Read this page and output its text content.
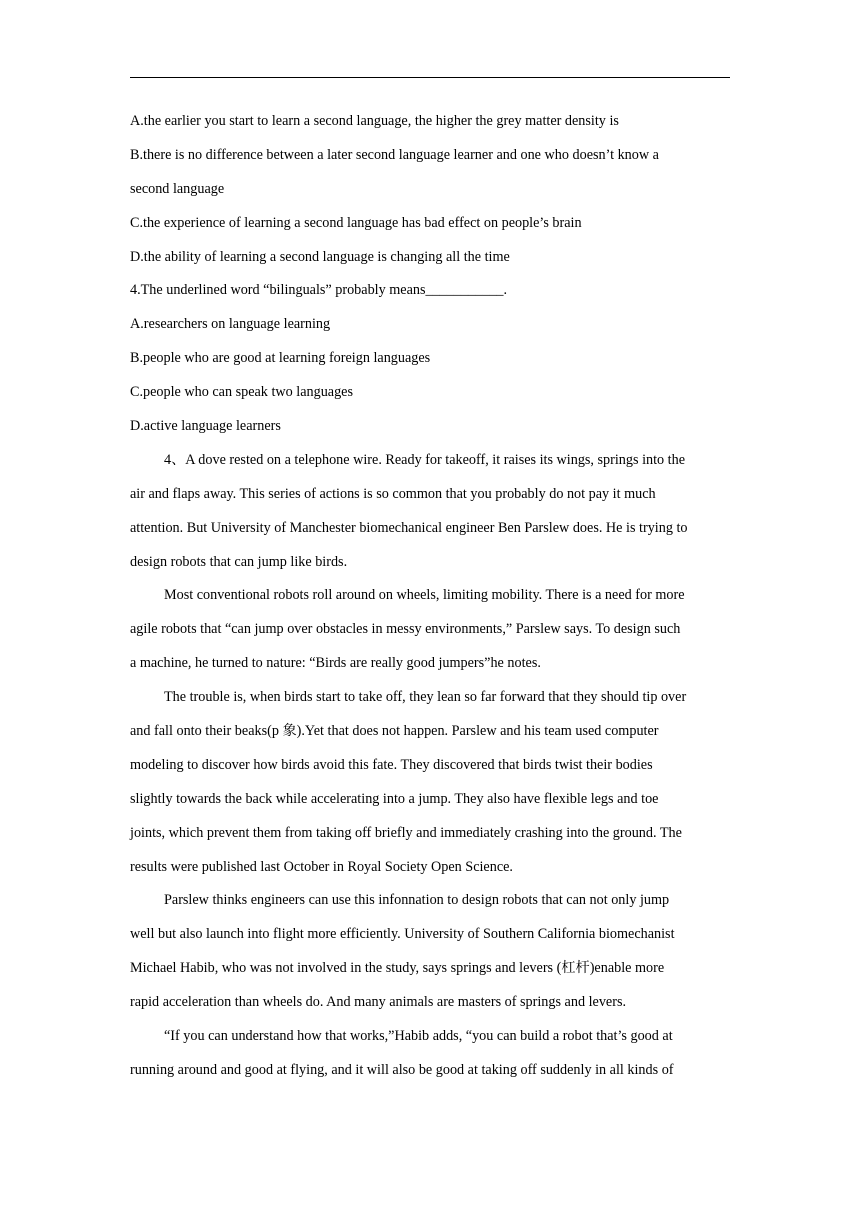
A.the earlier you start to learn a second language, the higher the grey matter density is
B.there is no difference between a later second language learner and one who doesn’t know a
second language
C.the experience of learning a second language has bad effect on people’s brain
D.the ability of learning a second language is changing all the time
4.The underlined word “bilinguals” probably means___________.
A.researchers on language learning
B.people who are good at learning foreign languages
C.people who can speak two languages
D.active language learners
4、A dove rested on a telephone wire. Ready for takeoff, it raises its wings, springs into the
air and flaps away. This series of actions is so common that you probably do not pay it much
attention. But University of Manchester biomechanical engineer Ben Parslew does. He is trying to
design robots that can jump like birds.
Most conventional robots roll around on wheels, limiting mobility. There is a need for more
agile robots that “can jump over obstacles in messy environments,” Parslew says. To design such
a machine, he turned to nature: “Birds are really good jumpers”he notes.
The trouble is, when birds start to take off, they lean so far forward that they should tip over
and fall onto their beaks(p 象).Yet that does not happen. Parslew and his team used computer
modeling to discover how birds avoid this fate. They discovered that birds twist their bodies
slightly towards the back while accelerating into a jump. They also have flexible legs and toe
joints, which prevent them from taking off briefly and immediately crashing into the ground. The
results were published last October in Royal Society Open Science.
Parslew thinks engineers can use this infonnation to design robots that can not only jump
well but also launch into flight more efficiently. University of Southern California biomechanist
Michael Habib, who was not involved in the study, says springs and levers (杠杆)enable more
rapid acceleration than wheels do. And many animals are masters of springs and levers.
“If you can understand how that works,”Habib adds, “you can build a robot that’s good at
running around and good at flying, and it will also be good at taking off suddenly in all kinds of
